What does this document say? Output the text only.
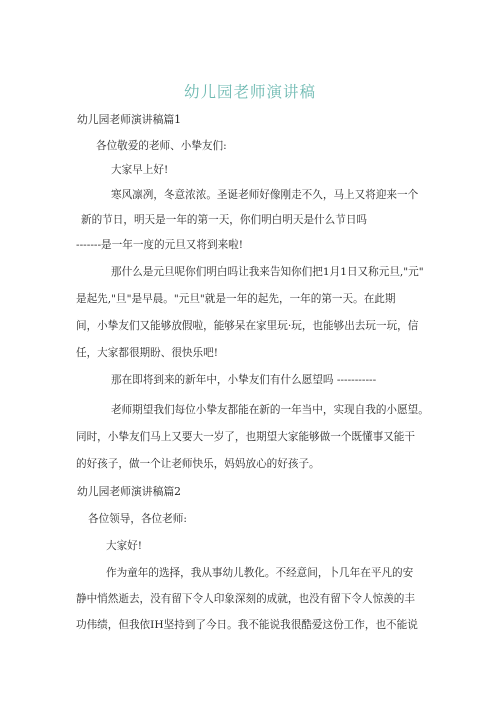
幼儿园老师演讲稿
幼儿园老师演讲稿篇1
各位敬爱的老师、小挚友们:
大家早上好!
寒风凛冽，冬意浓浓。圣诞老师好像刚走不久，马上又将迎来一个
新的节日，明天是一年的第一天，你们明白明天是什么节日吗
-------是一年一度的元旦又将到来啦!
那什么是元旦呢你们明白吗让我来告知你们把1月1日又称元旦,"元"
是起先,"旦"是早晨。"元旦"就是一年的起先，一年的第一天。在此期
间，小挚友们又能够放假啦，能够呆在家里玩·玩，也能够出去玩一玩，信
任，大家都很期盼、很快乐吧!
那在即将到来的新年中，小挚友们有什么愿望吗 -----------
老师期望我们每位小挚友都能在新的一年当中，实现自我的小愿望。
同时，小挚友们马上又要大一岁了，也期望大家能够做一个既懂事又能干
的好孩子，做一个让老师快乐，妈妈放心的好孩子。
幼儿园老师演讲稿篇2
各位领导，各位老师:
大家好!
作为童年的选择，我从事幼儿教化。不经意间，卜几年在平凡的安
静中悄然逝去，没有留下令人印象深刻的成就，也没有留下令人惊羡的丰
功伟绩，但我依IH坚持到了今日。我不能说我很酷爱这份工作，也不能说
